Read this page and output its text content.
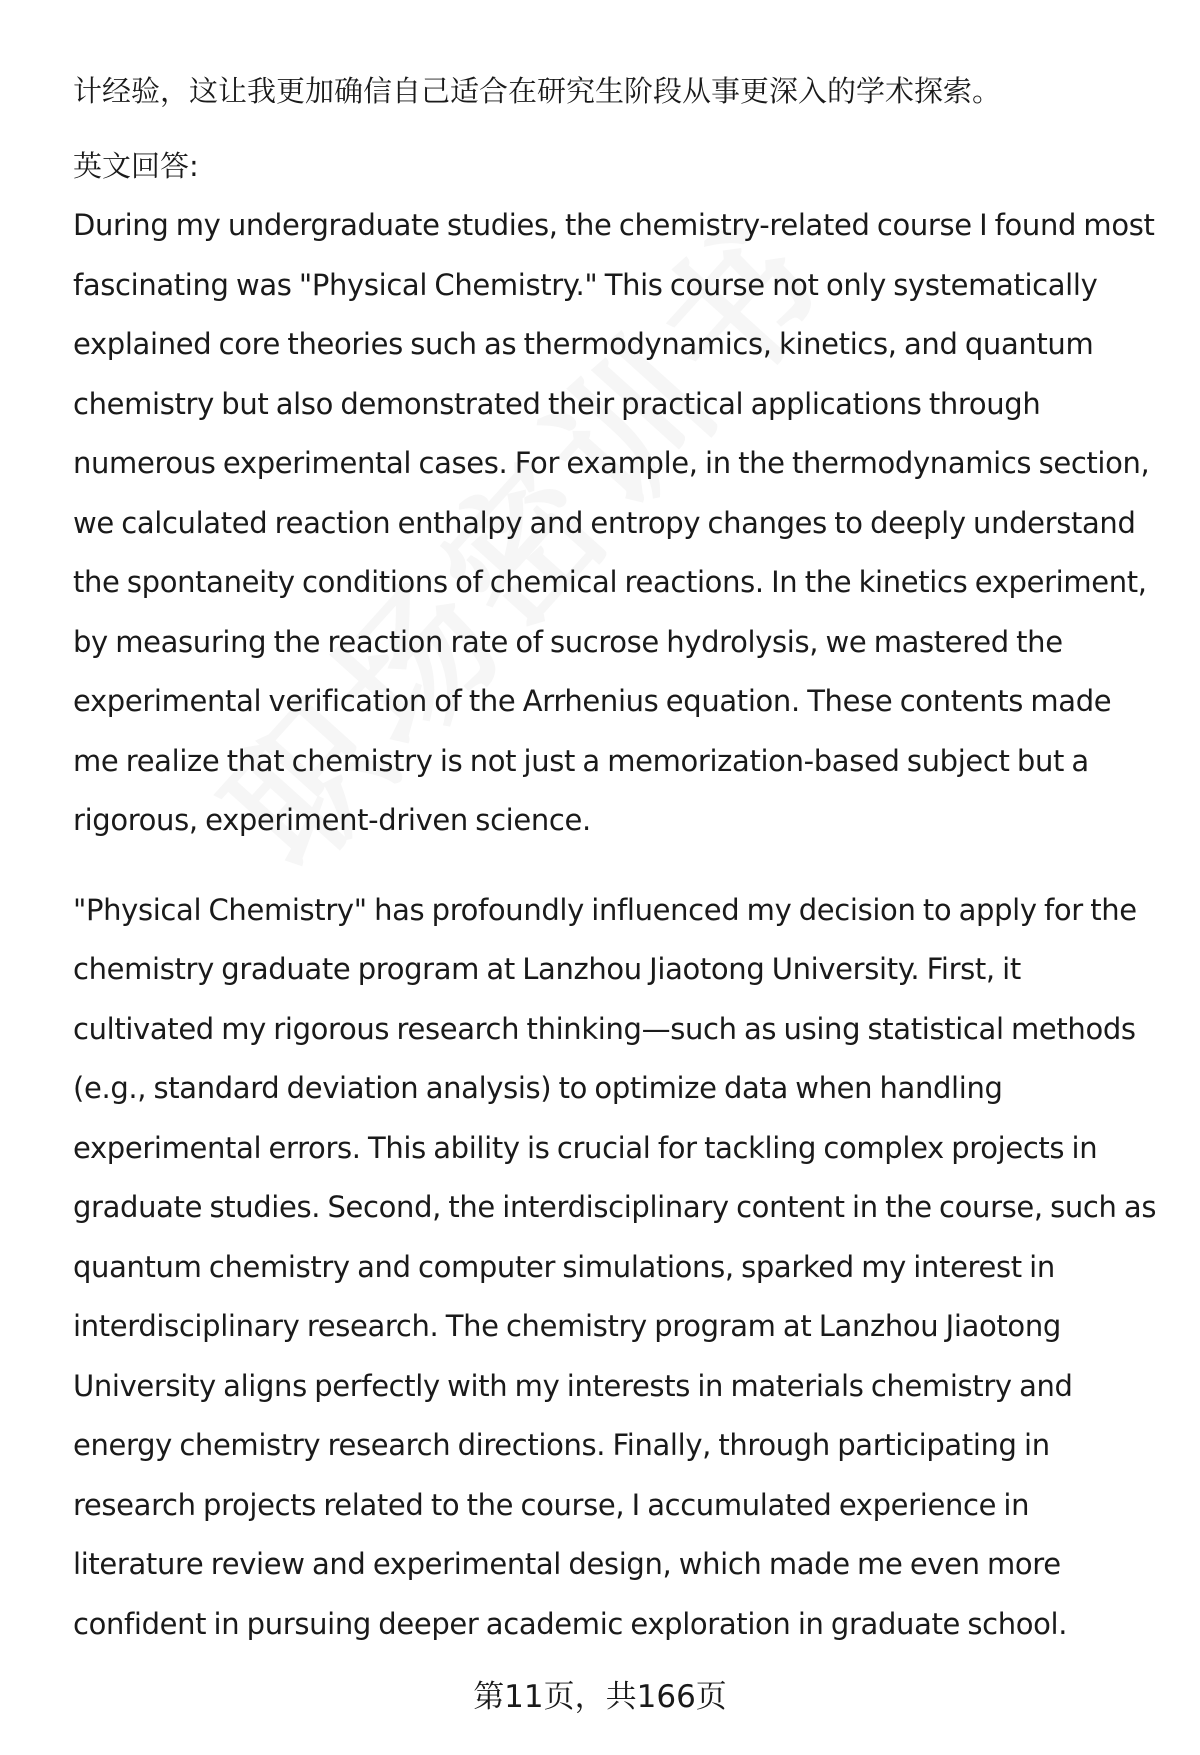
计经验，这让我更加确信自己适合在研究生阶段从事更深入的学术探索。

英文回答:

During my undergraduate studies, the chemistry-related course I found most fascinating was "Physical Chemistry." This course not only systematically explained core theories such as thermodynamics, kinetics, and quantum chemistry but also demonstrated their practical applications through numerous experimental cases. For example, in the thermodynamics section, we calculated reaction enthalpy and entropy changes to deeply understand the spontaneity conditions of chemical reactions. In the kinetics experiment, by measuring the reaction rate of sucrose hydrolysis, we mastered the experimental verification of the Arrhenius equation. These contents made me realize that chemistry is not just a memorization-based subject but a rigorous, experiment-driven science.

"Physical Chemistry" has profoundly influenced my decision to apply for the chemistry graduate program at Lanzhou Jiaotong University. First, it cultivated my rigorous research thinking—such as using statistical methods (e.g., standard deviation analysis) to optimize data when handling experimental errors. This ability is crucial for tackling complex projects in graduate studies. Second, the interdisciplinary content in the course, such as quantum chemistry and computer simulations, sparked my interest in interdisciplinary research. The chemistry program at Lanzhou Jiaotong University aligns perfectly with my interests in materials chemistry and energy chemistry research directions. Finally, through participating in research projects related to the course, I accumulated experience in literature review and experimental design, which made me even more confident in pursuing deeper academic exploration in graduate school.

第11页，共166页
